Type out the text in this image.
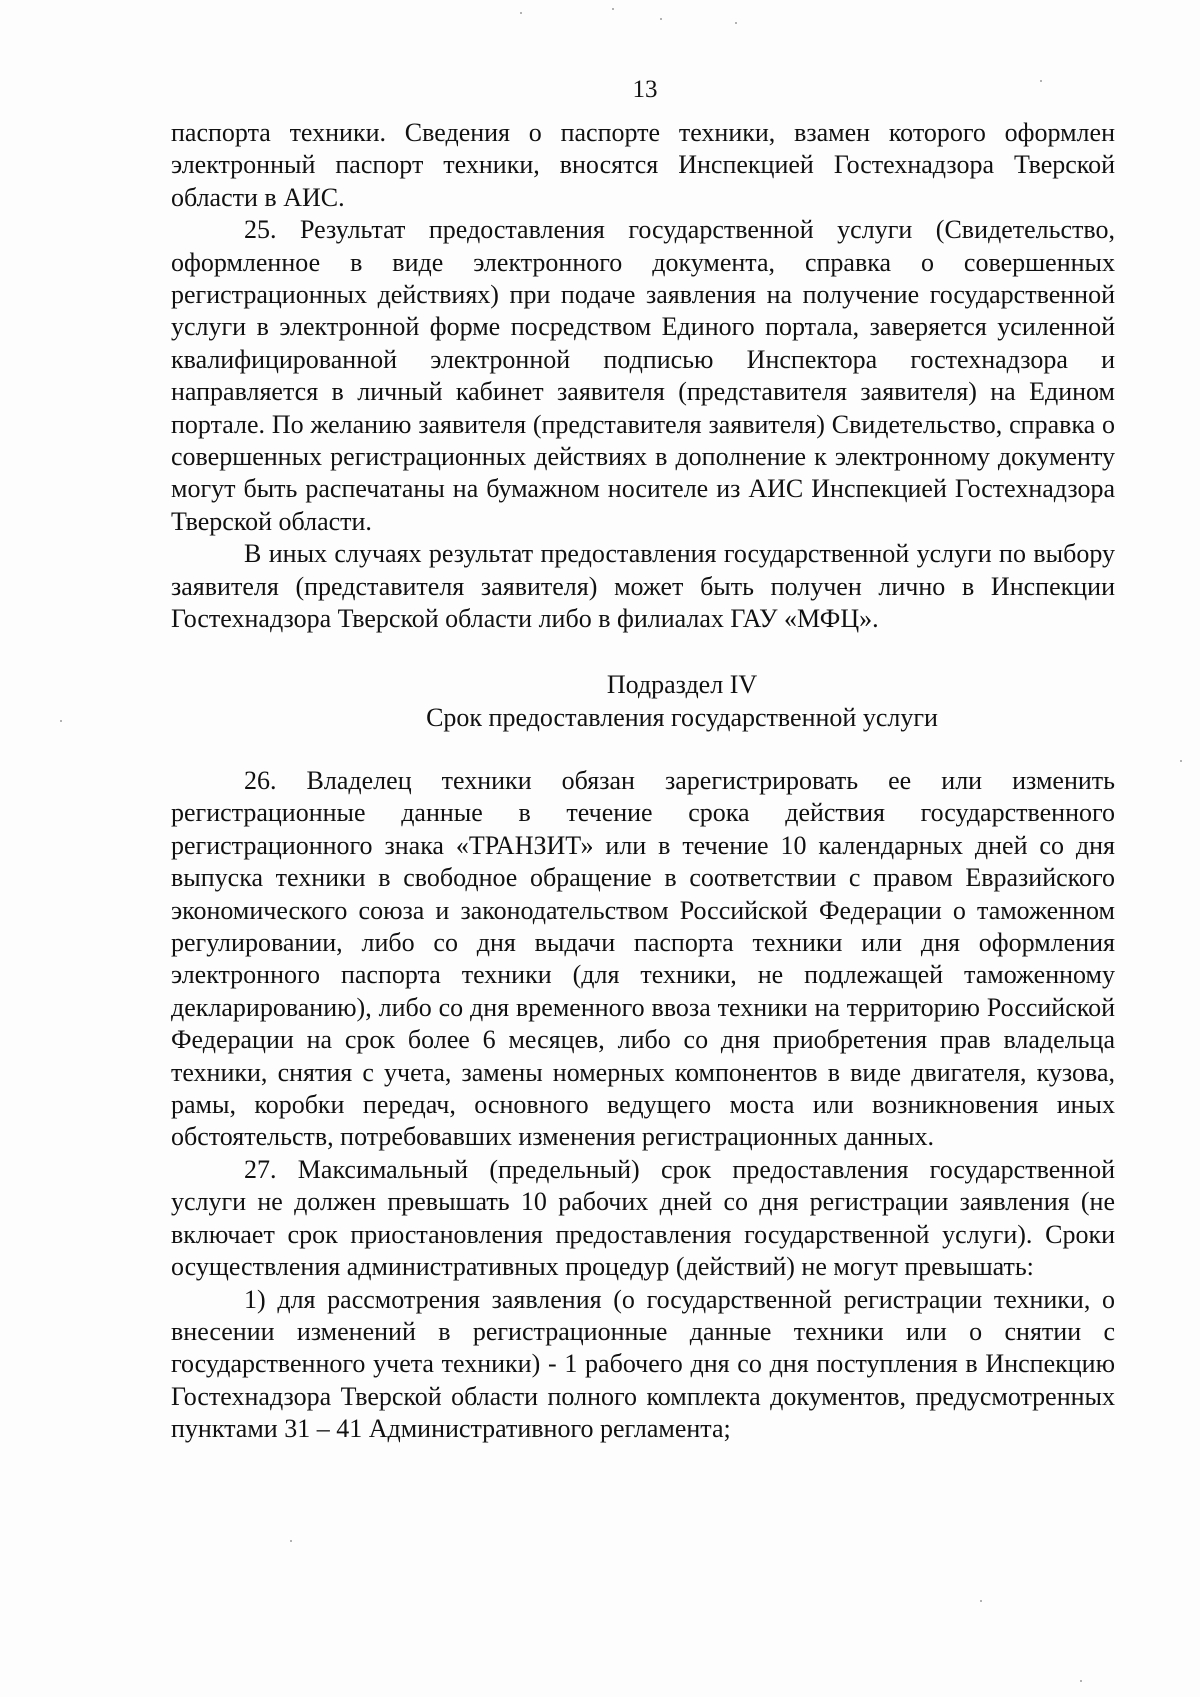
13

паспорта техники. Сведения о паспорте техники, взамен которого оформлен электронный паспорт техники, вносятся Инспекцией Гостехнадзора Тверской области в АИС.

25. Результат предоставления государственной услуги (Свидетельство, оформленное в виде электронного документа, справка о совершенных регистрационных действиях) при подаче заявления на получение государственной услуги в электронной форме посредством Единого портала, заверяется усиленной квалифицированной электронной подписью Инспектора гостехнадзора и направляется в личный кабинет заявителя (представителя заявителя) на Едином портале. По желанию заявителя (представителя заявителя) Свидетельство, справка о совершенных регистрационных действиях в дополнение к электронному документу могут быть распечатаны на бумажном носителе из АИС Инспекцией Гостехнадзора Тверской области.

В иных случаях результат предоставления государственной услуги по выбору заявителя (представителя заявителя) может быть получен лично в Инспекции Гостехнадзора Тверской области либо в филиалах ГАУ «МФЦ».

Подраздел IV
Срок предоставления государственной услуги

26. Владелец техники обязан зарегистрировать ее или изменить регистрационные данные в течение срока действия государственного регистрационного знака «ТРАНЗИТ» или в течение 10 календарных дней со дня выпуска техники в свободное обращение в соответствии с правом Евразийского экономического союза и законодательством Российской Федерации о таможенном регулировании, либо со дня выдачи паспорта техники или дня оформления электронного паспорта техники (для техники, не подлежащей таможенному декларированию), либо со дня временного ввоза техники на территорию Российской Федерации на срок более 6 месяцев, либо со дня приобретения прав владельца техники, снятия с учета, замены номерных компонентов в виде двигателя, кузова, рамы, коробки передач, основного ведущего моста или возникновения иных обстоятельств, потребовавших изменения регистрационных данных.

27. Максимальный (предельный) срок предоставления государственной услуги не должен превышать 10 рабочих дней со дня регистрации заявления (не включает срок приостановления предоставления государственной услуги). Сроки осуществления административных процедур (действий) не могут превышать:

1) для рассмотрения заявления (о государственной регистрации техники, о внесении изменений в регистрационные данные техники или о снятии с государственного учета техники) - 1 рабочего дня со дня поступления в Инспекцию Гостехнадзора Тверской области полного комплекта документов, предусмотренных пунктами 31 – 41 Административного регламента;
